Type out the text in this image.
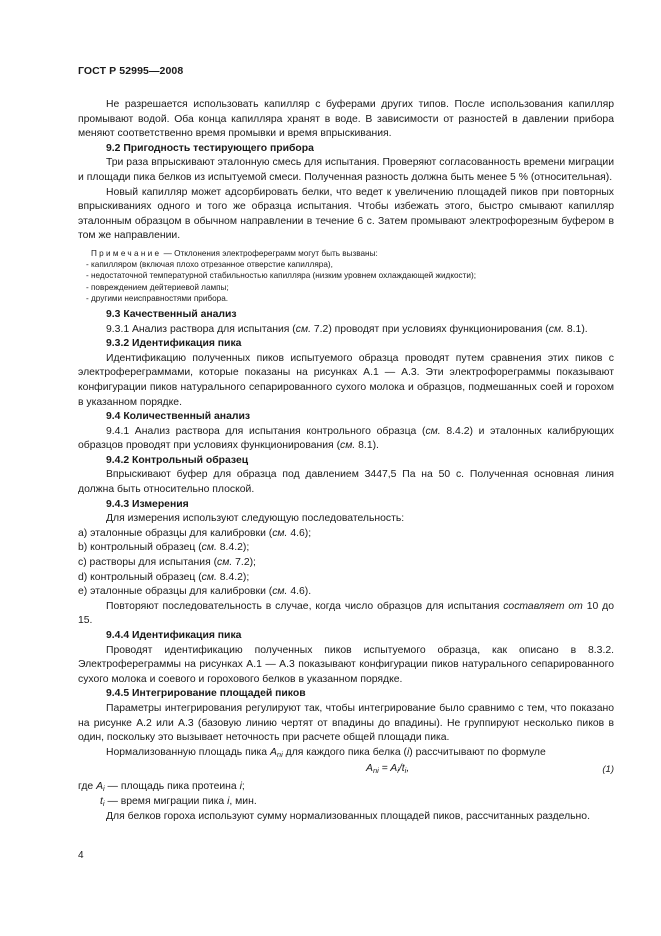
ГОСТ Р 52995—2008

Не разрешается использовать капилляр с буферами других типов. После использования капилляр промывают водой. Оба конца капилляра хранят в воде. В зависимости от разностей в давлении прибора меняют соответственно время промывки и время впрыскивания.

9.2 Пригодность тестирующего прибора

Три раза впрыскивают эталонную смесь для испытания. Проверяют согласованность времени миграции и площади пика белков из испытуемой смеси. Полученная разность должна быть менее 5 % (относительная).

Новый капилляр может адсорбировать белки, что ведет к увеличению площадей пиков при повторных впрыскиваниях одного и того же образца испытания. Чтобы избежать этого, быстро смывают капилляр эталонным образцом в обычном направлении в течение 6 с. Затем промывают электрофорезным буфером в том же направлении.

Примечание — Отклонения электрофереграмм могут быть вызваны:

- капилляром (включая плохо отрезанное отверстие капилляра),

- недостаточной температурной стабильностью капилляра (низким уровнем охлаждающей жидкости);

- повреждением дейтериевой лампы;

- другими неисправностями прибора.

9.3 Качественный анализ

9.3.1 Анализ раствора для испытания (см. 7.2) проводят при условиях функционирования (см. 8.1).

9.3.2 Идентификация пика

Идентификацию полученных пиков испытуемого образца проводят путем сравнения этих пиков с электрофереграммами, которые показаны на рисунках А.1 — А.3. Эти электрофореграммы показывают конфигурации пиков натурального сепарированного сухого молока и образцов, подмешанных соей и горохом в указанном порядке.

9.4 Количественный анализ

9.4.1 Анализ раствора для испытания контрольного образца (см. 8.4.2) и эталонных калибрующих образцов проводят при условиях функционирования (см. 8.1).

9.4.2 Контрольный образец

Впрыскивают буфер для образца под давлением 3447,5 Па на 50 с. Полученная основная линия должна быть относительно плоской.

9.4.3 Измерения

Для измерения используют следующую последовательность:

a) эталонные образцы для калибровки (см. 4.6);

b) контрольный образец (см. 8.4.2);

c) растворы для испытания (см. 7.2);

d) контрольный образец (см. 8.4.2);

e) эталонные образцы для калибровки (см. 4.6).

Повторяют последовательность в случае, когда число образцов для испытания составляет от 10 до 15.

9.4.4 Идентификация пика

Проводят идентификацию полученных пиков испытуемого образца, как описано в 8.3.2. Электрофереграммы на рисунках А.1 — А.3 показывают конфигурации пиков натурального сепарированного сухого молока и соевого и горохового белков в указанном порядке.

9.4.5 Интегрирование площадей пиков

Параметры интегрирования регулируют так, чтобы интегрирование было сравнимо с тем, что показано на рисунке А.2 или А.3 (базовую линию чертят от впадины до впадины). Не группируют несколько пиков в один, поскольку это вызывает неточность при расчете общей площади пика.

Нормализованную площадь пика $A_{ni}$ для каждого пика белка (i) рассчитывают по формуле

$A_{ni} = A_i/t_i$,	(1)

где $A_i$ — площадь пика протеина i;

$t_i$ — время миграции пика i, мин.

Для белков гороха используют сумму нормализованных площадей пиков, рассчитанных раздельно.

4
